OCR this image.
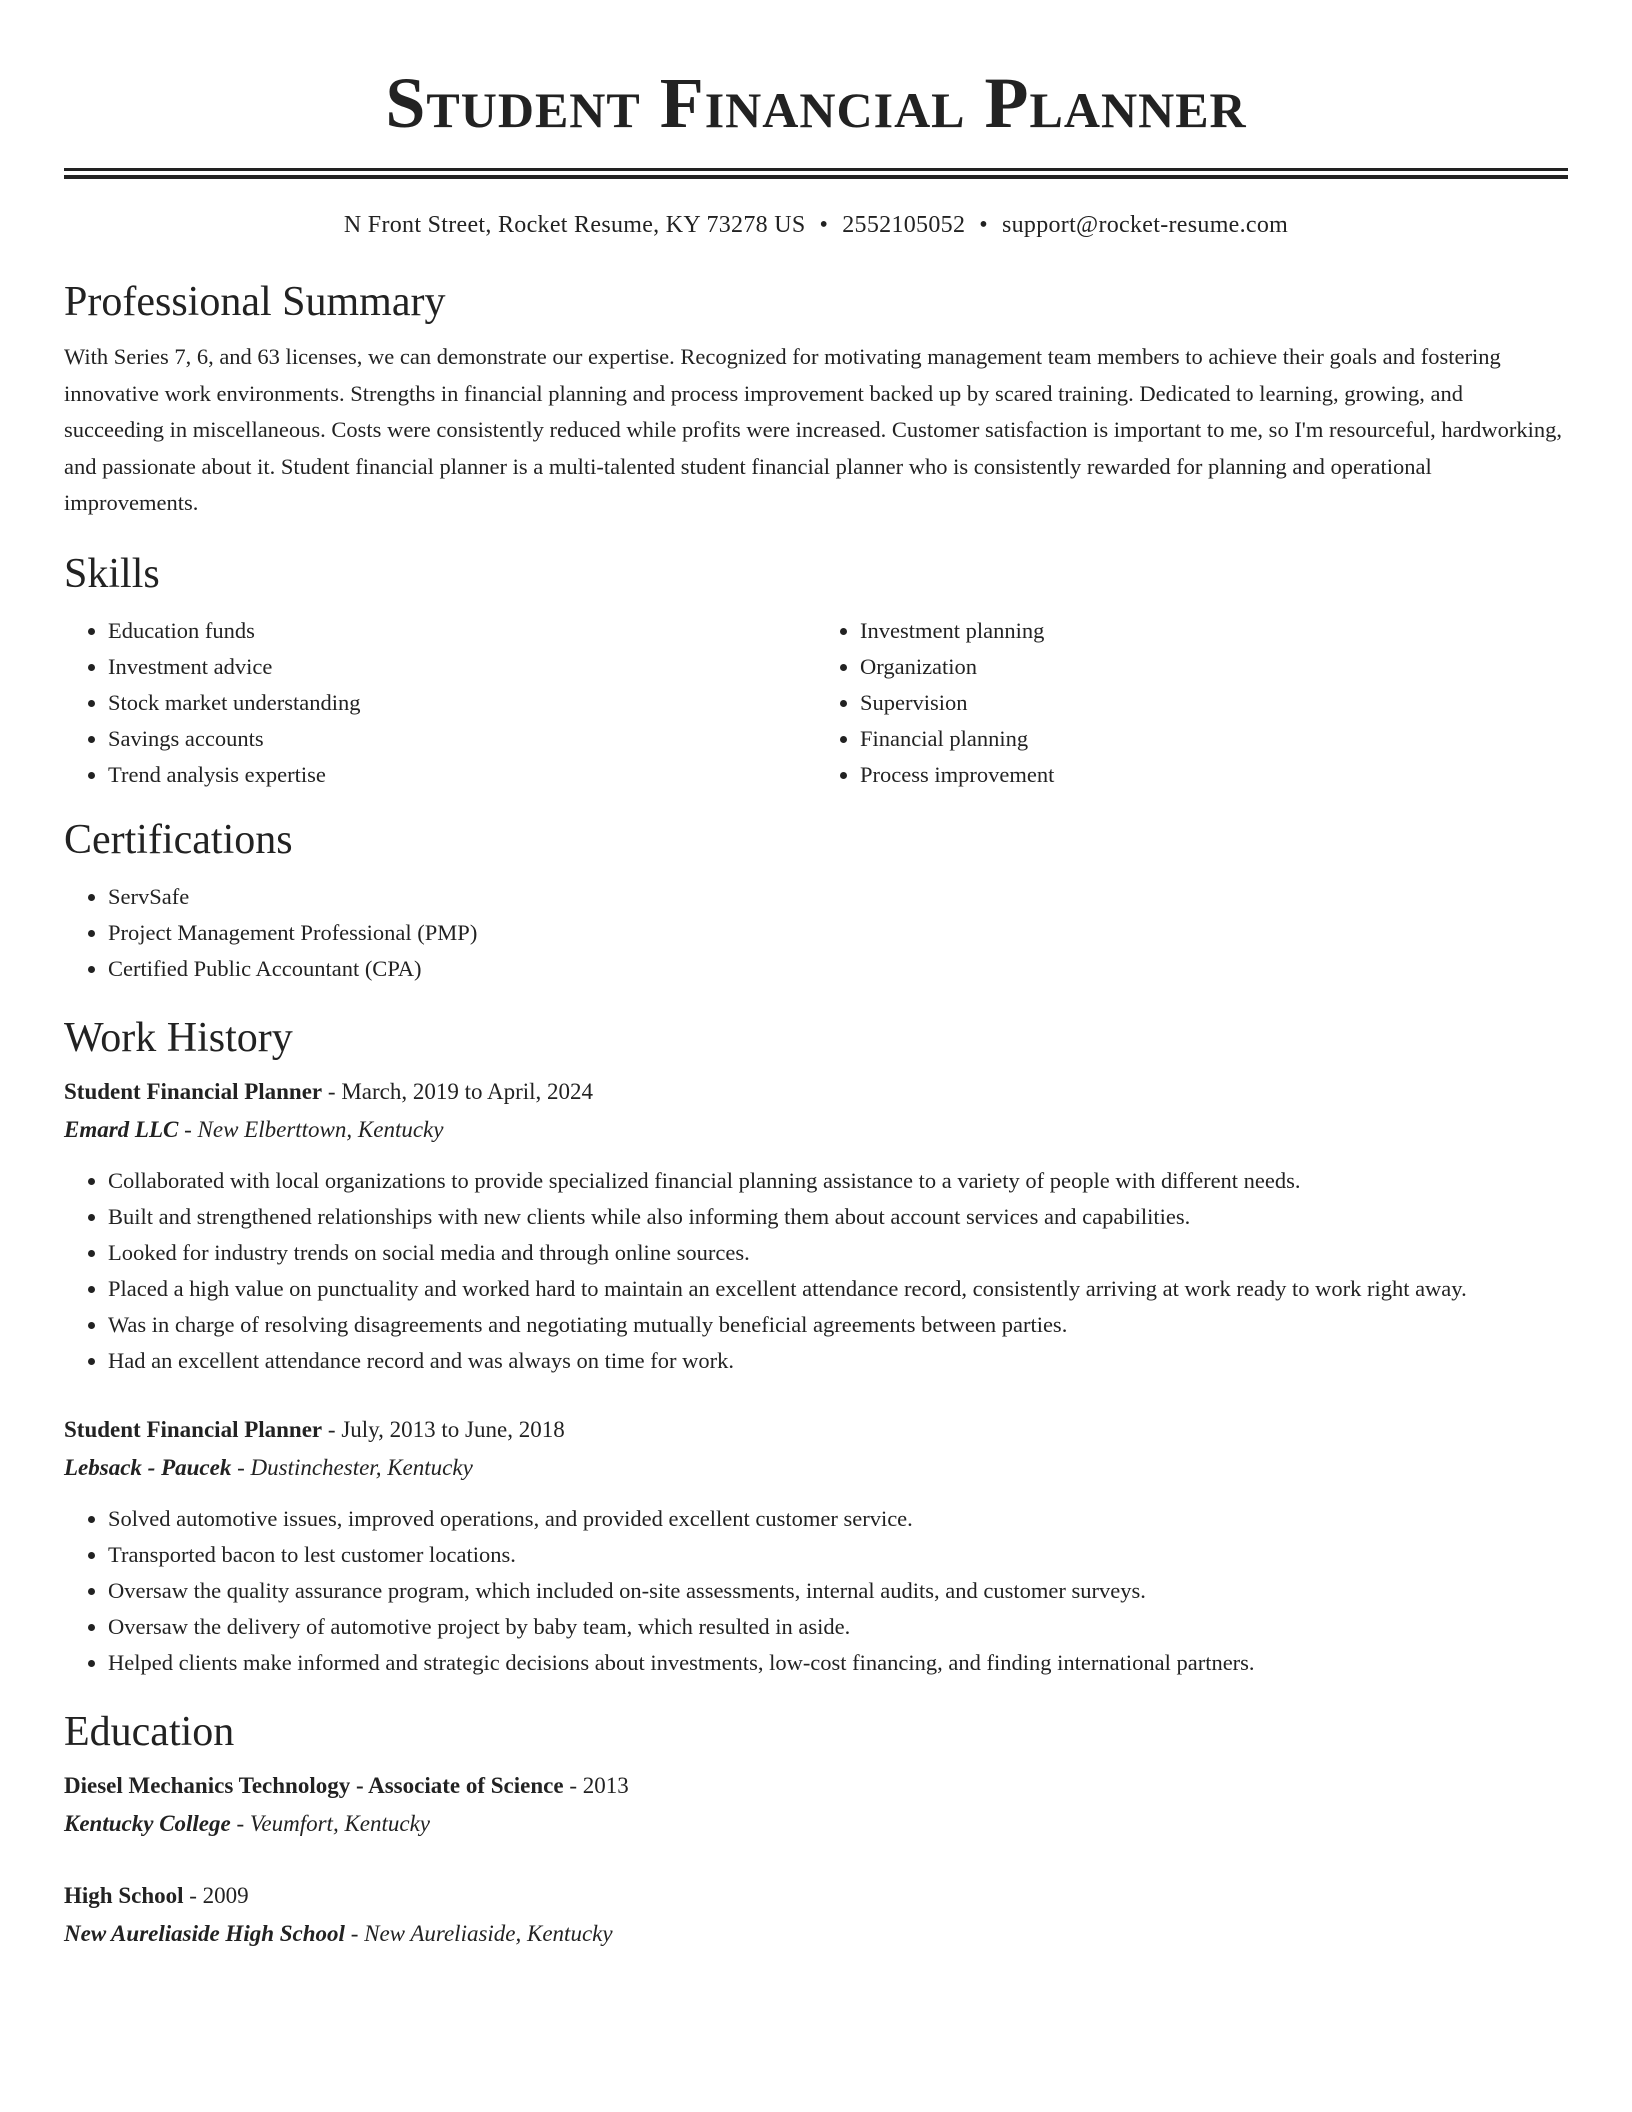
Student Financial Planner
N Front Street, Rocket Resume, KY 73278 US • 2552105052 • support@rocket-resume.com
Professional Summary

With Series 7, 6, and 63 licenses, we can demonstrate our expertise. Recognized for motivating management team members to achieve their goals and fostering innovative work environments. Strengths in financial planning and process improvement backed up by scared training. Dedicated to learning, growing, and succeeding in miscellaneous. Costs were consistently reduced while profits were increased. Customer satisfaction is important to me, so I'm resourceful, hardworking, and passionate about it. Student financial planner is a multi-talented student financial planner who is consistently rewarded for planning and operational improvements.

Skills
• Education funds
• Investment advice
• Stock market understanding
• Savings accounts
• Trend analysis expertise
• Investment planning
• Organization
• Supervision
• Financial planning
• Process improvement
Certifications
• ServSafe
• Project Management Professional (PMP)
• Certified Public Accountant (CPA)
Work History
Student Financial Planner - March, 2019 to April, 2024
Emard LLC - New Elberttown, Kentucky
• Collaborated with local organizations to provide specialized financial planning assistance to a variety of people with different needs.
• Built and strengthened relationships with new clients while also informing them about account services and capabilities.
• Looked for industry trends on social media and through online sources.
• Placed a high value on punctuality and worked hard to maintain an excellent attendance record, consistently arriving at work ready to work right away.
• Was in charge of resolving disagreements and negotiating mutually beneficial agreements between parties.
• Had an excellent attendance record and was always on time for work.
Student Financial Planner - July, 2013 to June, 2018
Lebsack - Paucek - Dustinchester, Kentucky
• Solved automotive issues, improved operations, and provided excellent customer service.
• Transported bacon to lest customer locations.
• Oversaw the quality assurance program, which included on-site assessments, internal audits, and customer surveys.
• Oversaw the delivery of automotive project by baby team, which resulted in aside.
• Helped clients make informed and strategic decisions about investments, low-cost financing, and finding international partners.
Education
Diesel Mechanics Technology - Associate of Science - 2013
Kentucky College - Veumfort, Kentucky
High School - 2009
New Aureliaside High School - New Aureliaside, Kentucky
